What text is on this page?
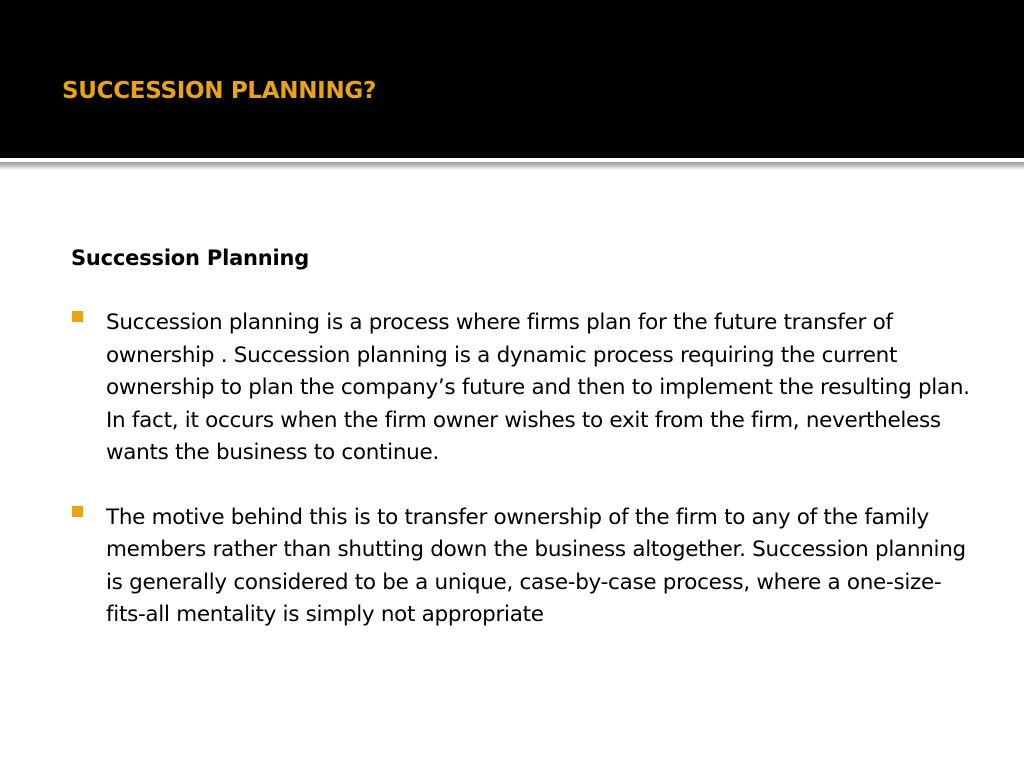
SUCCESSION PLANNING?
Succession Planning
Succession planning is a process where firms plan for the future transfer of ownership . Succession planning is a dynamic process requiring the current ownership to plan the company’s future and then to implement the resulting plan. In fact, it occurs when the firm owner wishes to exit from the firm, nevertheless wants the business to continue.
The motive behind this is to transfer ownership of the firm to any of the family members rather than shutting down the business altogether. Succession planning is generally considered to be a unique, case-by-case process, where a one-size-fits-all mentality is simply not appropriate
